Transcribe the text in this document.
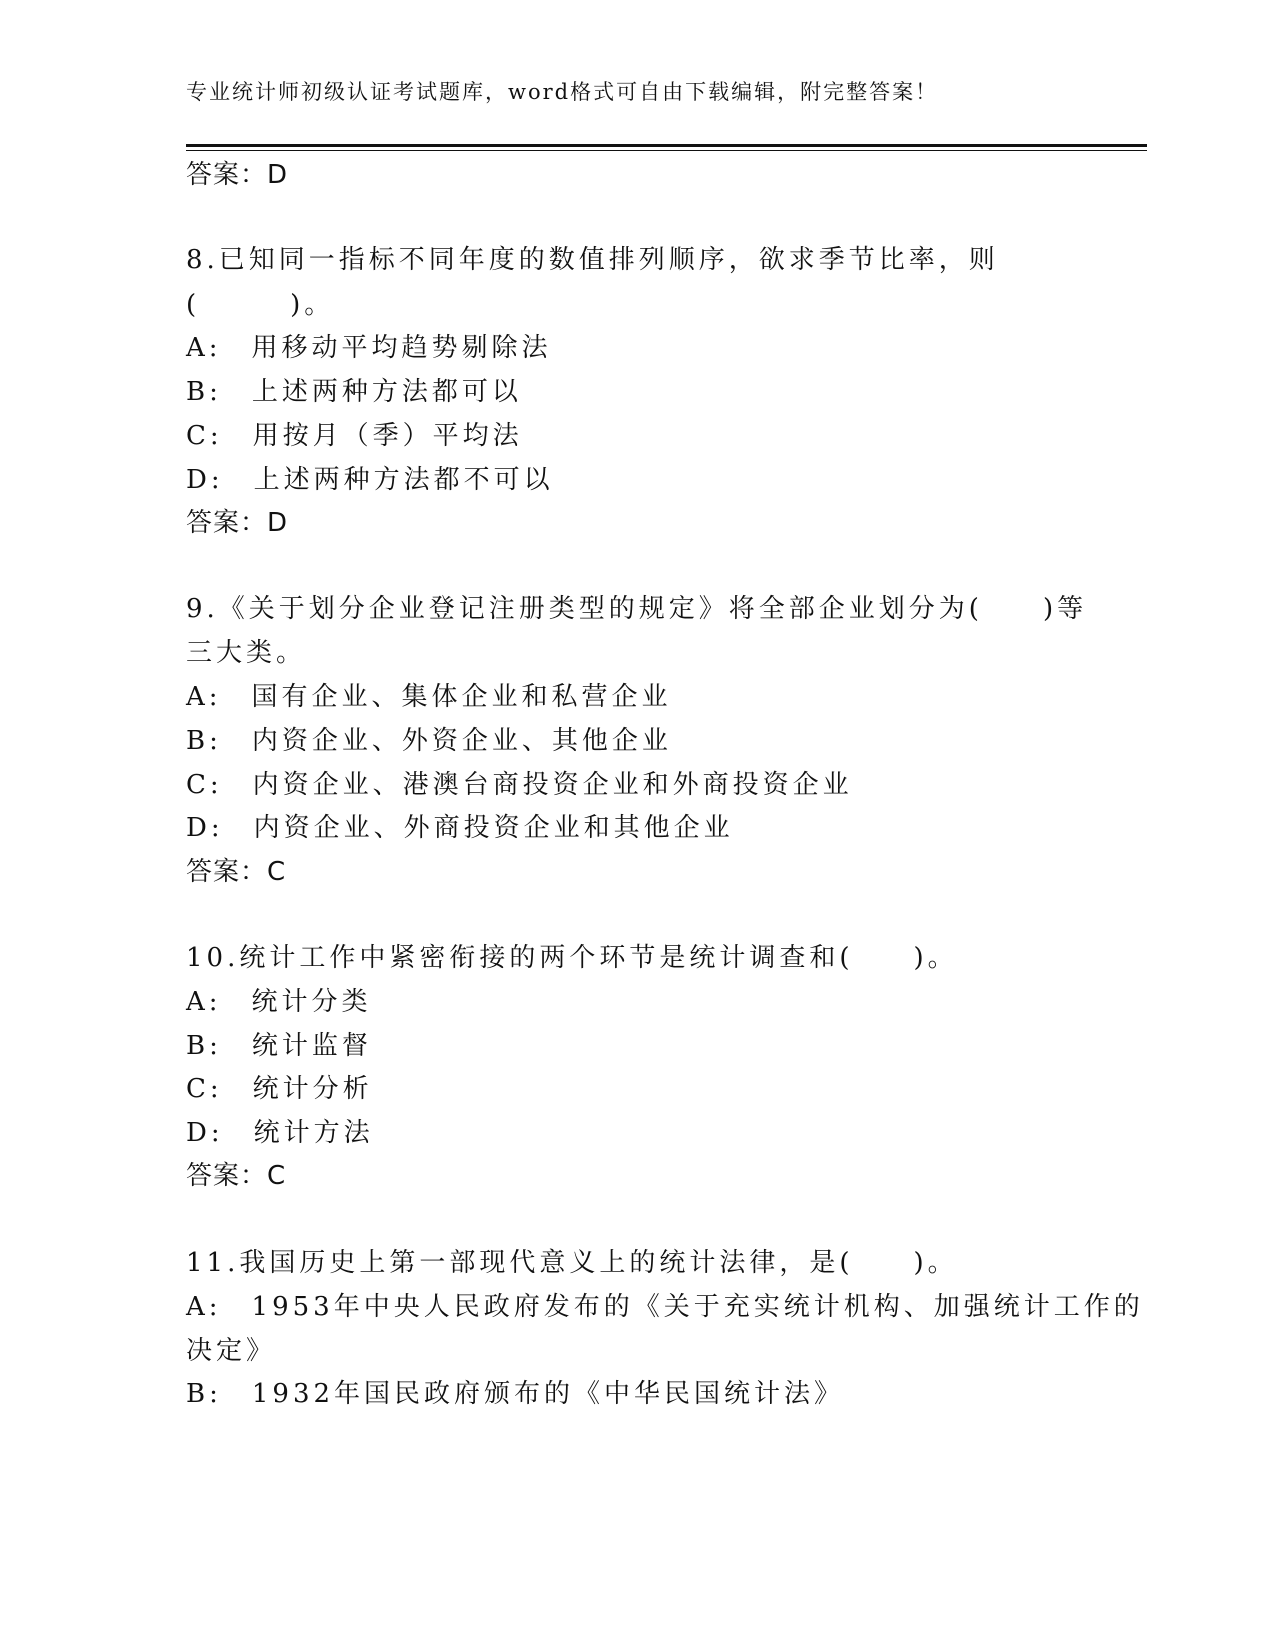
专业统计师初级认证考试题库，word格式可自由下载编辑，附完整答案！
答案：D
8.已知同一指标不同年度的数值排列顺序，欲求季节比率，则
(　　　)。
A:　用移动平均趋势剔除法
B:　上述两种方法都可以
C:　用按月（季）平均法
D:　上述两种方法都不可以
答案：D
9.《关于划分企业登记注册类型的规定》将全部企业划分为(　　)等
三大类。
A:　国有企业、集体企业和私营企业
B:　内资企业、外资企业、其他企业
C:　内资企业、港澳台商投资企业和外商投资企业
D:　内资企业、外商投资企业和其他企业
答案：C
10.统计工作中紧密衔接的两个环节是统计调查和(　　)。
A:　统计分类
B:　统计监督
C:　统计分析
D:　统计方法
答案：C
11.我国历史上第一部现代意义上的统计法律，是(　　)。
A:　1953年中央人民政府发布的《关于充实统计机构、加强统计工作的
决定》
B:　1932年国民政府颁布的《中华民国统计法》
